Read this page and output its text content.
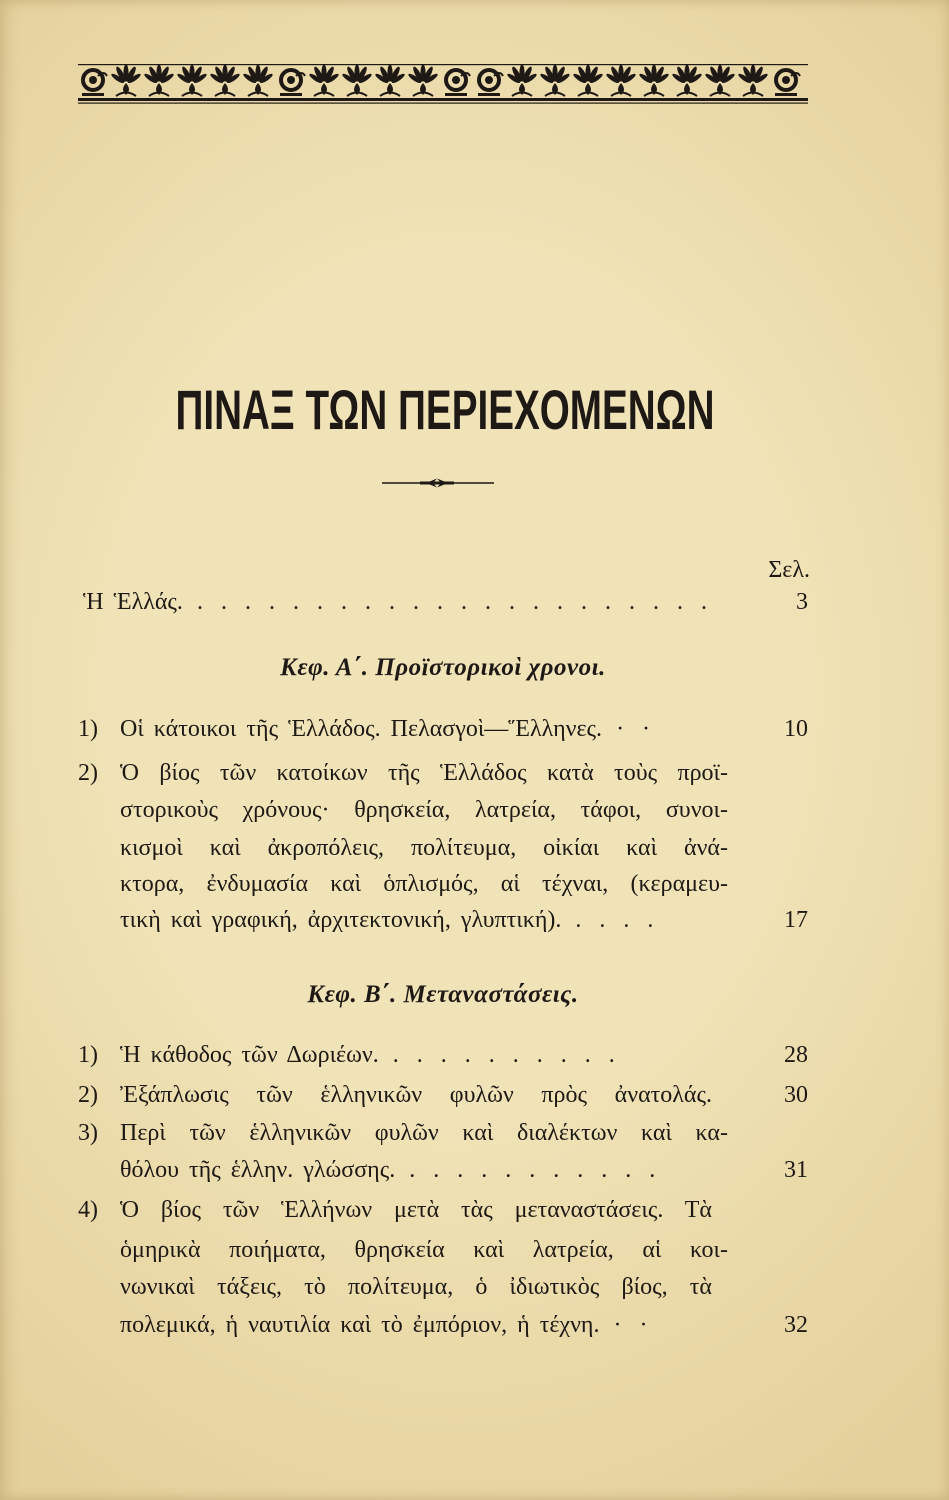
ΠΙΝΑΞ ΤΩΝ ΠΕΡΙΕΧΟΜΕΝΩΝ
Σελ.
Ἡ Ἑλλάς. . . . . . . . . . . . . . . . . . . . . . .	3
Κεφ. Α΄. Προϊστορικοὶ χρονοι.
1) Οἱ κάτοικοι τῆς Ἑλλάδος. Πελασγοὶ—Ἕλληνες. · ·	10
2) Ὁ βίος τῶν κατοίκων τῆς Ἑλλάδος κατὰ τοὺς προϊ-
στορικοὺς χρόνους· θρησκεία, λατρεία, τάφοι, συνοι-
κισμοὶ καὶ ἀκροπόλεις, πολίτευμα, οἰκίαι καὶ ἀνά-
κτορα, ἐνδυμασία καὶ ὁπλισμός, αἱ τέχναι, (κεραμευ-
τικὴ καὶ γραφική, ἀρχιτεκτονική, γλυπτική). . . . .	17
Κεφ. Β΄. Μεταναστάσεις.
1) Ἡ κάθοδος τῶν Δωριέων. . . . . . . . . . .	28
2) Ἐξάπλωσις τῶν ἑλληνικῶν φυλῶν πρὸς ἀνατολάς.	30
3) Περὶ τῶν ἑλληνικῶν φυλῶν καὶ διαλέκτων καὶ κα-
θόλου τῆς ἑλλην. γλώσσης. . . . . . . . . . . .	31
4) Ὁ βίος τῶν Ἑλλήνων μετὰ τὰς μεταναστάσεις. Τὰ
ὁμηρικὰ ποιήματα, θρησκεία καὶ λατρεία, αἱ κοι-
νωνικαὶ τάξεις, τὸ πολίτευμα, ὁ ἰδιωτικὸς βίος, τὰ
πολεμικά, ἡ ναυτιλία καὶ τὸ ἐμπόριον, ἡ τέχνη. · ·	32
